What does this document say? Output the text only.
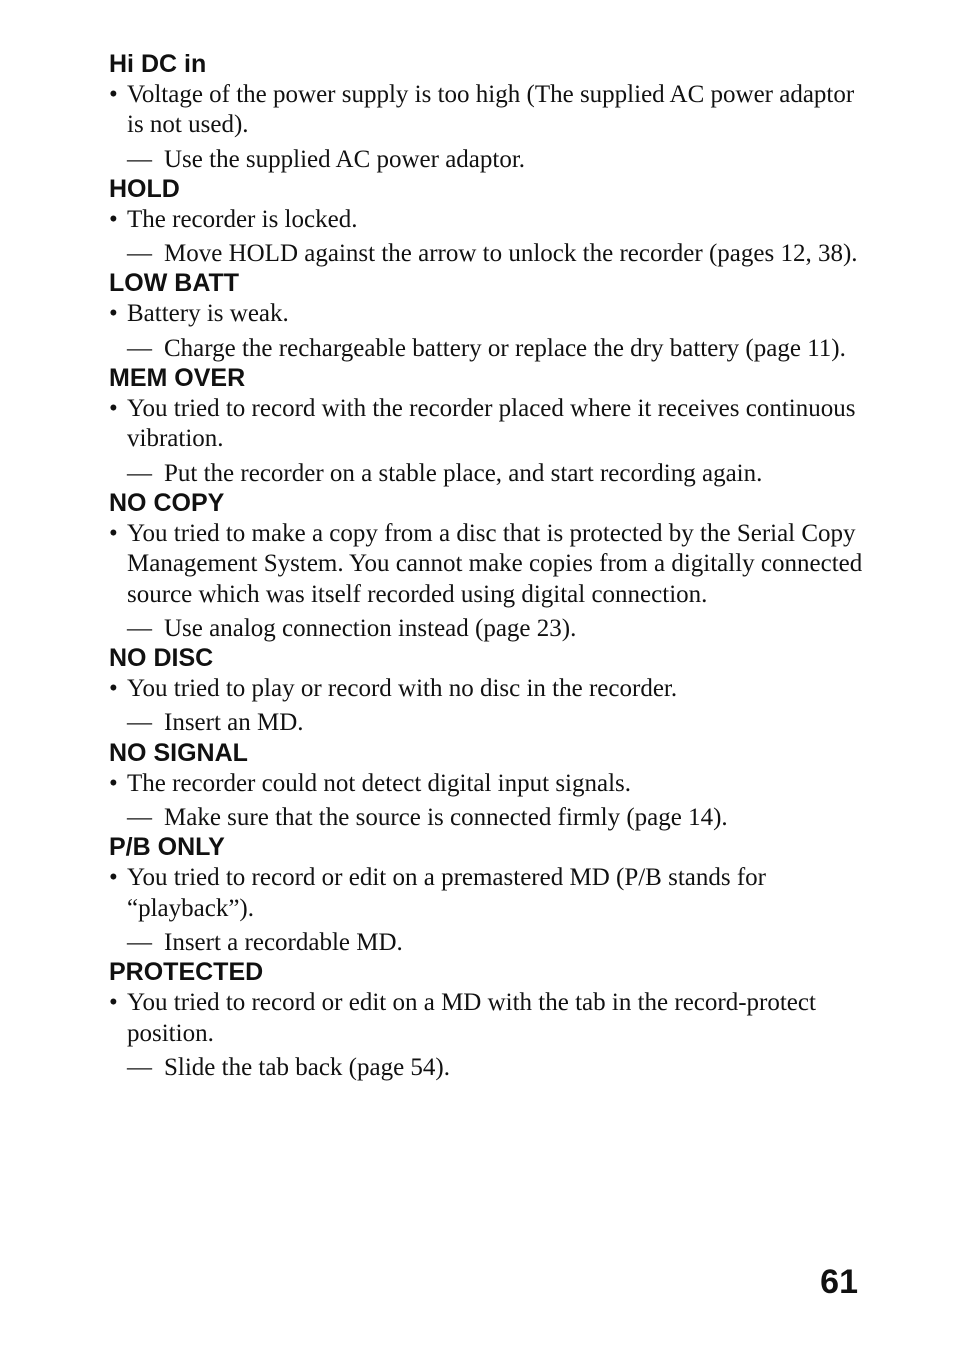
Hi DC in
• Voltage of the power supply is too high (The supplied AC power adaptor is not used).
— Use the supplied AC power adaptor.
HOLD
• The recorder is locked.
— Move HOLD against the arrow to unlock the recorder (pages 12, 38).
LOW BATT
• Battery is weak.
— Charge the rechargeable battery or replace the dry battery (page 11).
MEM OVER
• You tried to record with the recorder placed where it receives continuous vibration.
— Put the recorder on a stable place, and start recording again.
NO COPY
• You tried to make a copy from a disc that is protected by the Serial Copy Management System. You cannot make copies from a digitally connected source which was itself recorded using digital connection.
— Use analog connection instead (page 23).
NO DISC
• You tried to play or record with no disc in the recorder.
— Insert an MD.
NO SIGNAL
• The recorder could not detect digital input signals.
— Make sure that the source is connected firmly (page 14).
P/B ONLY
• You tried to record or edit on a premastered MD (P/B stands for “playback”).
— Insert a recordable MD.
PROTECTED
• You tried to record or edit on a MD with the tab in the record-protect position.
— Slide the tab back (page 54).
61
